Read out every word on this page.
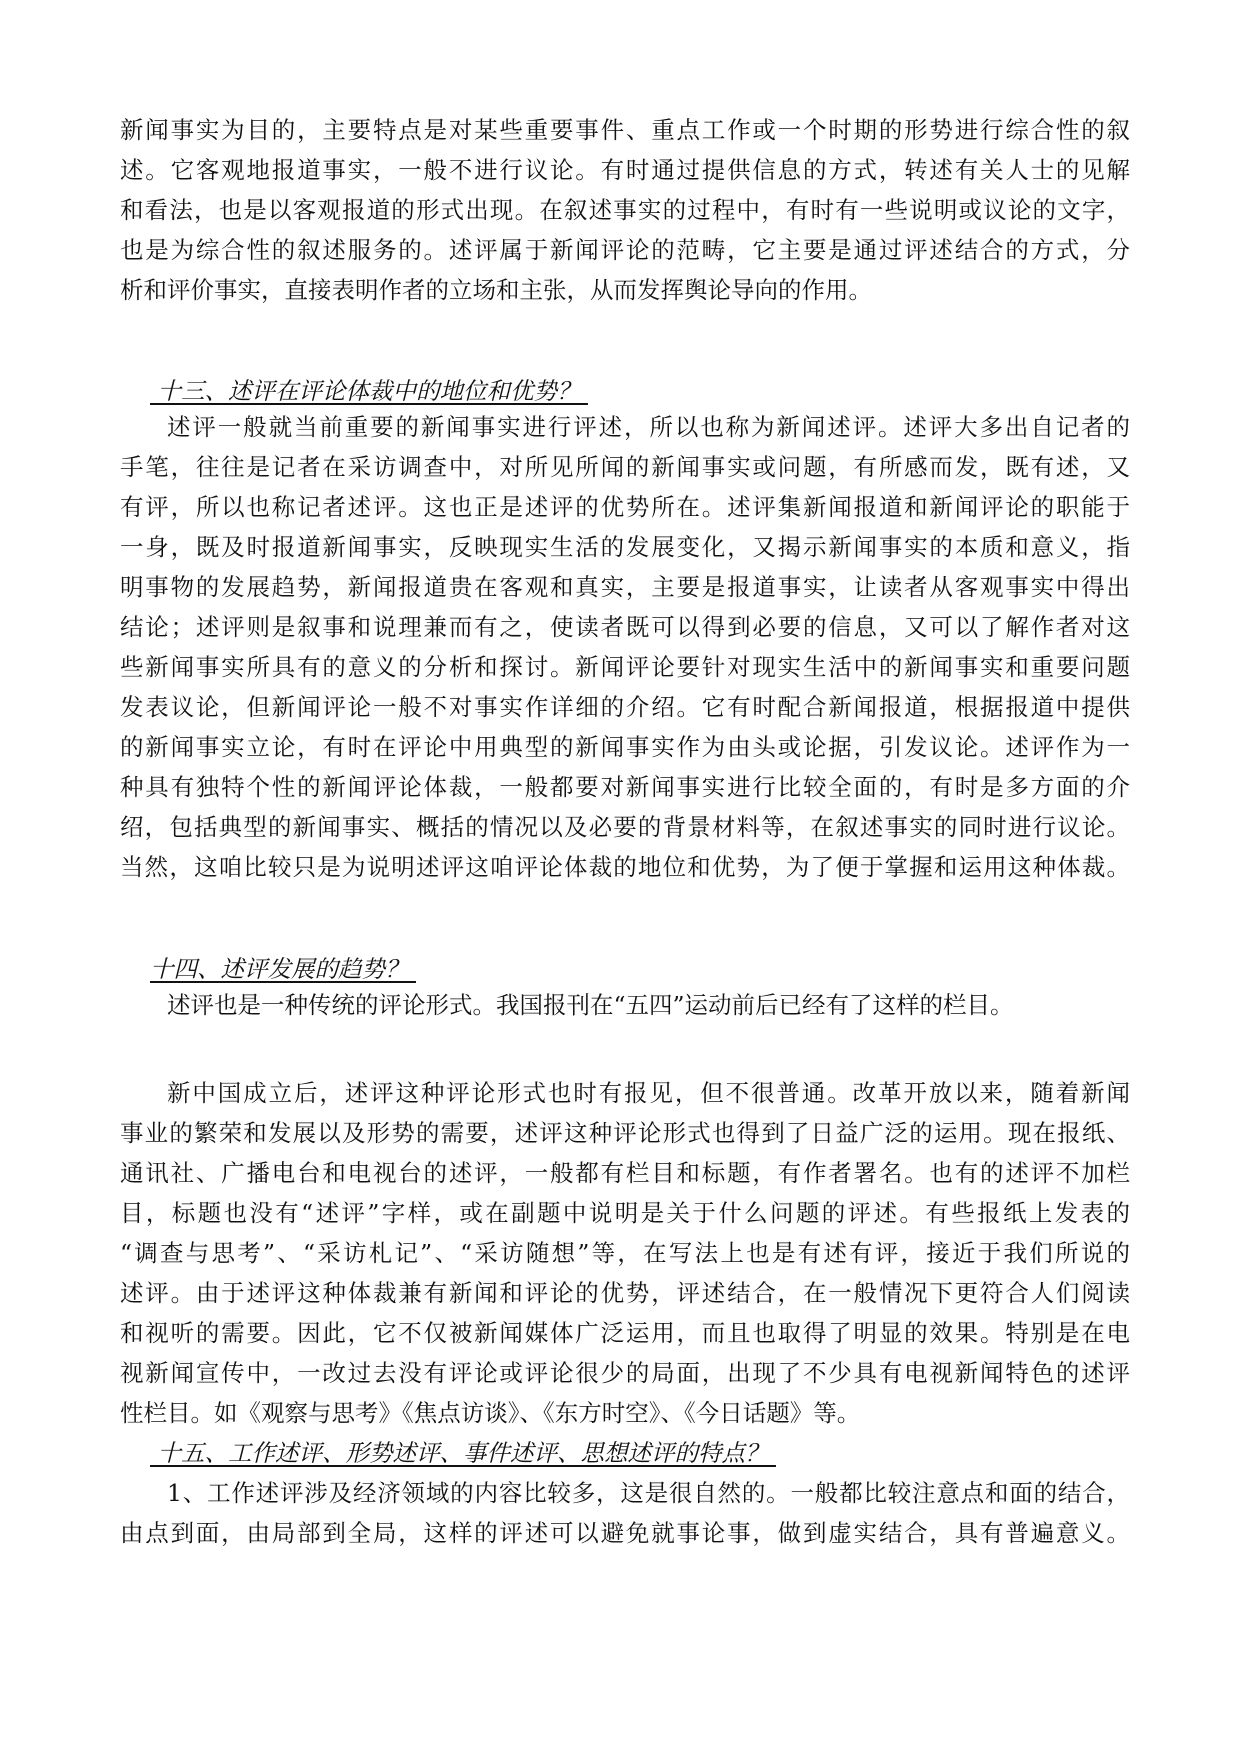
新闻事实为目的，主要特点是对某些重要事件、重点工作或一个时期的形势进行综合性的叙
述。它客观地报道事实，一般不进行议论。有时通过提供信息的方式，转述有关人士的见解
和看法，也是以客观报道的形式出现。在叙述事实的过程中，有时有一些说明或议论的文字，
也是为综合性的叙述服务的。述评属于新闻评论的范畴，它主要是通过评述结合的方式，分
析和评价事实，直接表明作者的立场和主张，从而发挥舆论导向的作用。
十三、述评在评论体裁中的地位和优势？
述评一般就当前重要的新闻事实进行评述，所以也称为新闻述评。述评大多出自记者的
手笔，往往是记者在采访调查中，对所见所闻的新闻事实或问题，有所感而发，既有述，又
有评，所以也称记者述评。这也正是述评的优势所在。述评集新闻报道和新闻评论的职能于
一身，既及时报道新闻事实，反映现实生活的发展变化，又揭示新闻事实的本质和意义，指
明事物的发展趋势，新闻报道贵在客观和真实，主要是报道事实，让读者从客观事实中得出
结论；述评则是叙事和说理兼而有之，使读者既可以得到必要的信息，又可以了解作者对这
些新闻事实所具有的意义的分析和探讨。新闻评论要针对现实生活中的新闻事实和重要问题
发表议论，但新闻评论一般不对事实作详细的介绍。它有时配合新闻报道，根据报道中提供
的新闻事实立论，有时在评论中用典型的新闻事实作为由头或论据，引发议论。述评作为一
种具有独特个性的新闻评论体裁，一般都要对新闻事实进行比较全面的，有时是多方面的介
绍，包括典型的新闻事实、概括的情况以及必要的背景材料等，在叙述事实的同时进行议论。
当然，这咱比较只是为说明述评这咱评论体裁的地位和优势，为了便于掌握和运用这种体裁。
十四、述评发展的趋势？
述评也是一种传统的评论形式。我国报刊在“五四”运动前后已经有了这样的栏目。
新中国成立后，述评这种评论形式也时有报见，但不很普通。改革开放以来，随着新闻
事业的繁荣和发展以及形势的需要，述评这种评论形式也得到了日益广泛的运用。现在报纸、
通讯社、广播电台和电视台的述评，一般都有栏目和标题，有作者署名。也有的述评不加栏
目，标题也没有“述评”字样，或在副题中说明是关于什么问题的评述。有些报纸上发表的
“调查与思考”、“采访札记”、“采访随想”等，在写法上也是有述有评，接近于我们所说的
述评。由于述评这种体裁兼有新闻和评论的优势，评述结合，在一般情况下更符合人们阅读
和视听的需要。因此，它不仅被新闻媒体广泛运用，而且也取得了明显的效果。特别是在电
视新闻宣传中，一改过去没有评论或评论很少的局面，出现了不少具有电视新闻特色的述评
性栏目。如《观察与思考》《焦点访谈》、《东方时空》、《今日话题》等。
十五、工作述评、形势述评、事件述评、思想述评的特点？
1、工作述评涉及经济领域的内容比较多，这是很自然的。一般都比较注意点和面的结合，
由点到面，由局部到全局，这样的评述可以避免就事论事，做到虚实结合，具有普遍意义。
